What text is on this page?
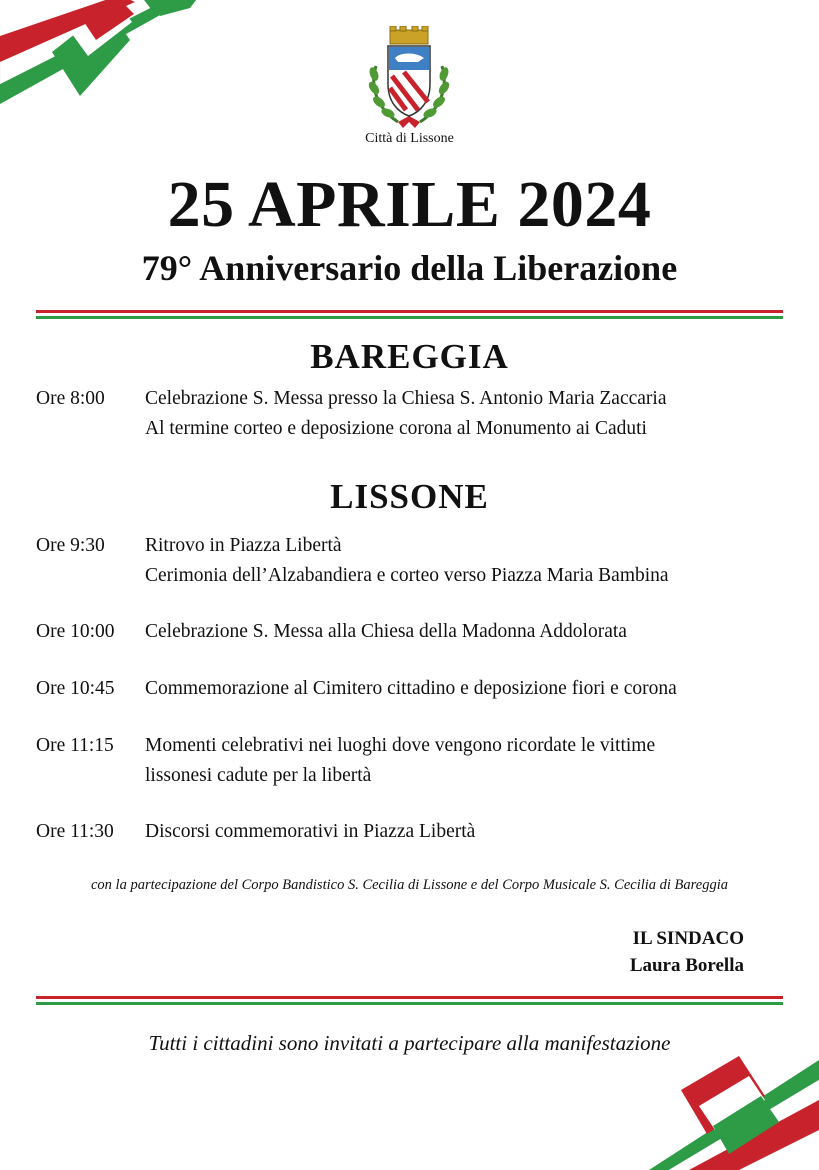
Città di Lissone
25 APRILE 2024
79° Anniversario della Liberazione
BAREGGIA
Ore 8:00 Celebrazione S. Messa presso la Chiesa S. Antonio Maria Zaccaria
Al termine corteo e deposizione corona al Monumento ai Caduti
LISSONE
Ore 9:30 Ritrovo in Piazza Libertà
Cerimonia dell’Alzabandiera e corteo verso Piazza Maria Bambina
Ore 10:00 Celebrazione S. Messa alla Chiesa della Madonna Addolorata
Ore 10:45 Commemorazione al Cimitero cittadino e deposizione fiori e corona
Ore 11:15 Momenti celebrativi nei luoghi dove vengono ricordate le vittime
lissonesi cadute per la libertà
Ore 11:30 Discorsi commemorativi in Piazza Libertà
con la partecipazione del Corpo Bandistico S. Cecilia di Lissone e del Corpo Musicale S. Cecilia di Bareggia
IL SINDACO
Laura Borella
Tutti i cittadini sono invitati a partecipare alla manifestazione
